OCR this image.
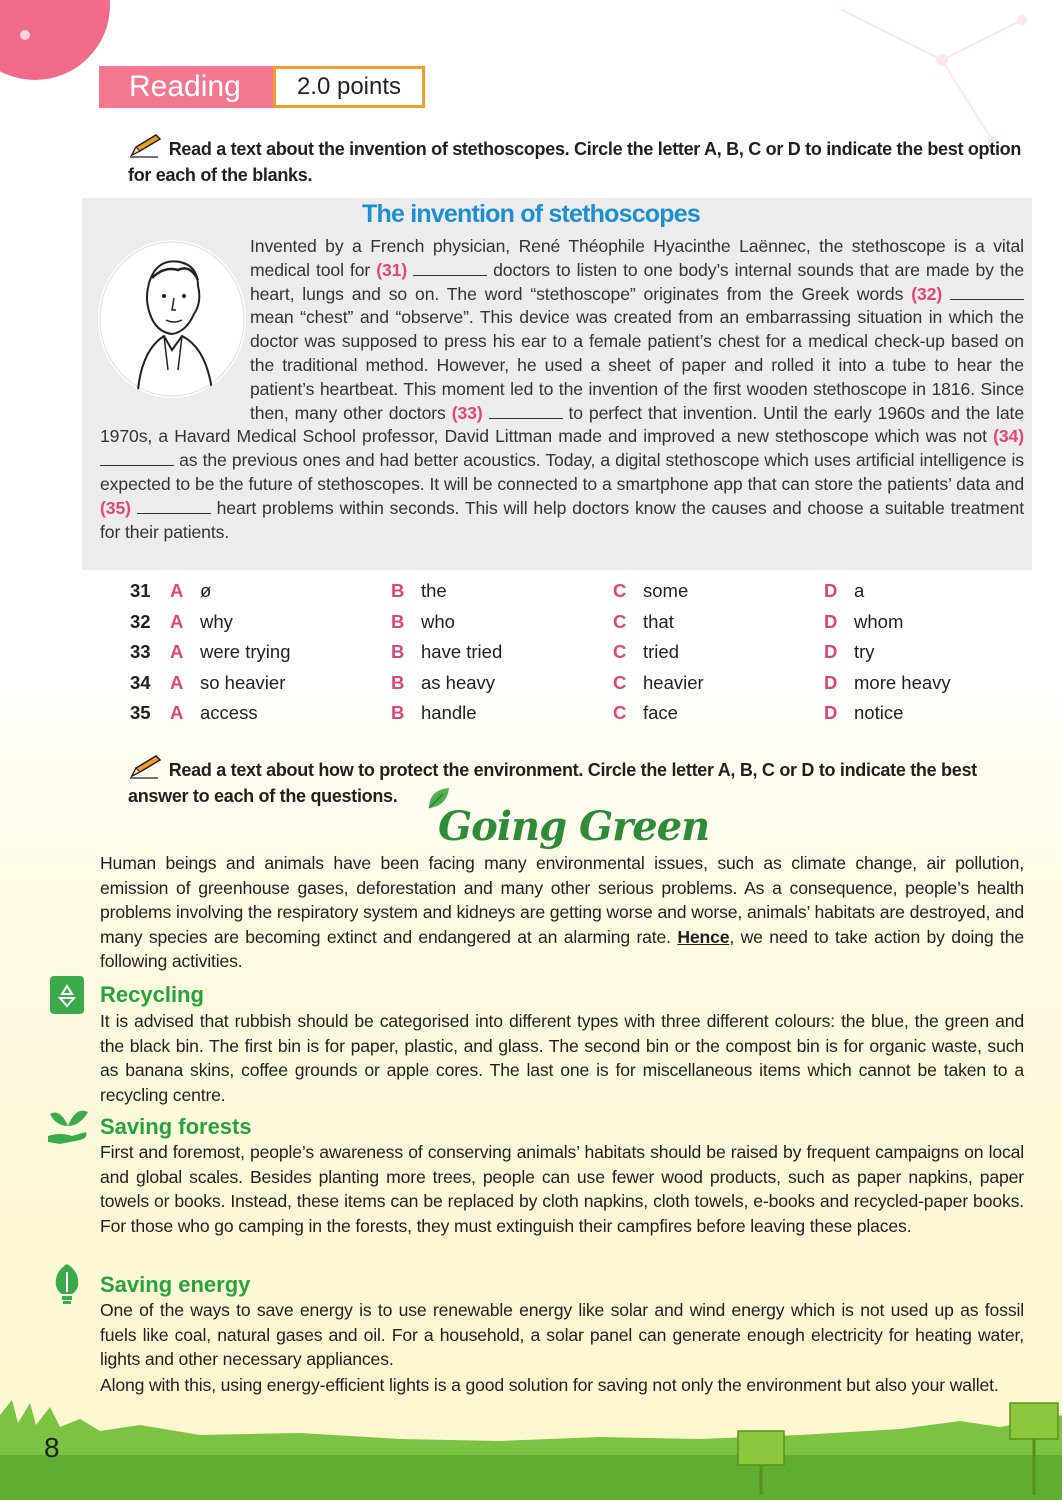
Reading	2.0 points
Read a text about the invention of stethoscopes. Circle the letter A, B, C or D to indicate the best option for each of the blanks.
The invention of stethoscopes
Invented by a French physician, René Théophile Hyacinthe Laënnec, the stethoscope is a vital medical tool for (31)	doctors to listen to one body’s internal sounds that are made by the heart, lungs and so on. The word “stethoscope” originates from the Greek words (32)  mean “chest” and “observe”. This device was created from an embarrassing situation in which the doctor was supposed to press his ear to a female patient’s chest for a medical check-up based on the traditional method. However, he used a sheet of paper and rolled it into a tube to hear the patient’s heartbeat. This moment led to the invention of the first wooden stethoscope in 1816. Since then, many other doctors (33)	to perfect that invention. Until the early 1960s and the late 1970s, a Havard Medical School professor, David Littman made and improved a new stethoscope which was not (34)  as the previous ones and had better acoustics. Today, a digital stethoscope which uses artificial intelligence is expected to be the future of stethoscopes. It will be connected to a smartphone app that can store the patients’ data and (35)	heart problems within seconds. This will help doctors know the causes and choose a suitable treatment for their patients.
31	A ø	B the	C some	D a
32	A why	B who	C that	D whom
33	A were trying	B have tried	C tried	D try
34	A so heavier	B as heavy	C heavier	D more heavy
35	A access	B handle	C face	D notice
Read a text about how to protect the environment. Circle the letter A, B, C or D to indicate the best answer to each of the questions.
Going Green
Human beings and animals have been facing many environmental issues, such as climate change, air pollution, emission of greenhouse gases, deforestation and many other serious problems. As a consequence, people’s health problems involving the respiratory system and kidneys are getting worse and worse, animals’ habitats are destroyed, and many species are becoming extinct and endangered at an alarming rate. Hence, we need to take action by doing the following activities.
Recycling
It is advised that rubbish should be categorised into different types with three different colours: the blue, the green and the black bin. The first bin is for paper, plastic, and glass. The second bin or the compost bin is for organic waste, such as banana skins, coffee grounds or apple cores. The last one is for miscellaneous items which cannot be taken to a recycling centre.
Saving forests
First and foremost, people’s awareness of conserving animals’ habitats should be raised by frequent campaigns on local and global scales. Besides planting more trees, people can use fewer wood products, such as paper napkins, paper towels or books. Instead, these items can be replaced by cloth napkins, cloth towels, e-books and recycled-paper books. For those who go camping in the forests, they must extinguish their campfires before leaving these places.
Saving energy
One of the ways to save energy is to use renewable energy like solar and wind energy which is not used up as fossil fuels like coal, natural gases and oil. For a household, a solar panel can generate enough electricity for heating water, lights and other necessary appliances.
Along with this, using energy-efficient lights is a good solution for saving not only the environment but also your wallet.
8
